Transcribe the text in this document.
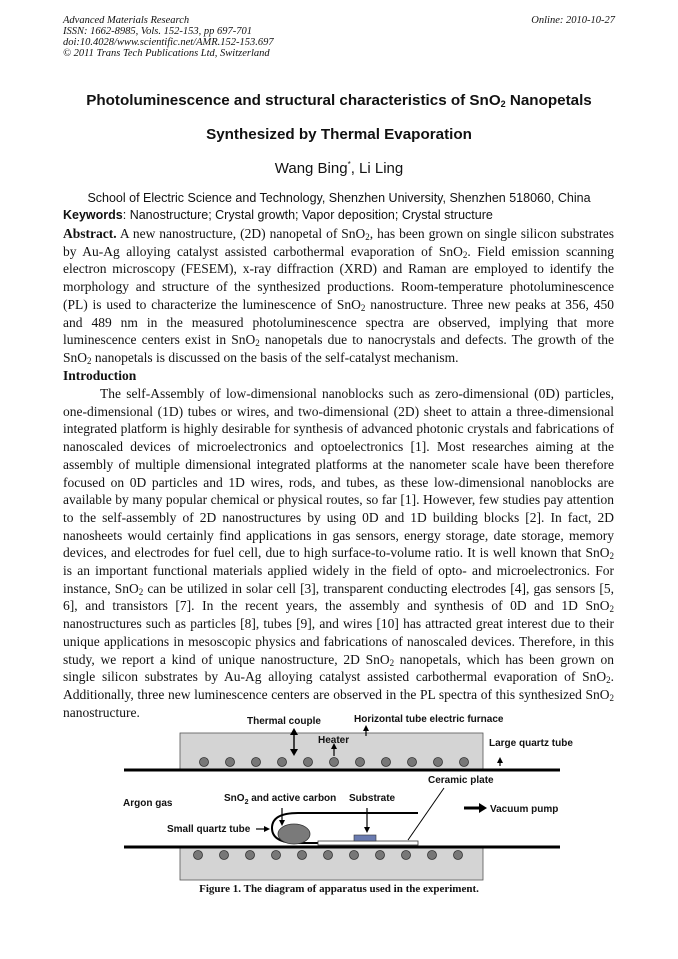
Advanced Materials Research
ISSN: 1662-8985, Vols. 152-153, pp 697-701
doi:10.4028/www.scientific.net/AMR.152-153.697
© 2011 Trans Tech Publications Ltd, Switzerland
Online: 2010-10-27
Photoluminescence and structural characteristics of SnO$_2$ Nanopetals
Synthesized by Thermal Evaporation
Wang Bing*, Li Ling
School of Electric Science and Technology, Shenzhen University, Shenzhen 518060, China
Keywords: Nanostructure; Crystal growth; Vapor deposition; Crystal structure
Abstract. A new nanostructure, (2D) nanopetal of SnO$_2$, has been grown on single silicon substrates by Au-Ag alloying catalyst assisted carbothermal evaporation of SnO$_2$. Field emission scanning electron microscopy (FESEM), x-ray diffraction (XRD) and Raman are employed to identify the morphology and structure of the synthesized productions. Room-temperature photoluminescence (PL) is used to characterize the luminescence of SnO$_2$ nanostructure. Three new peaks at 356, 450 and 489 nm in the measured photoluminescence spectra are observed, implying that more luminescence centers exist in SnO$_2$ nanopetals due to nanocrystals and defects. The growth of the SnO$_2$ nanopetals is discussed on the basis of the self-catalyst mechanism.
Introduction
The self-Assembly of low-dimensional nanoblocks such as zero-dimensional (0D) particles, one-dimensional (1D) tubes or wires, and two-dimensional (2D) sheet to attain a three-dimensional integrated platform is highly desirable for synthesis of advanced photonic crystals and fabrications of nanoscaled devices of microelectronics and optoelectronics [1]. Most researches aiming at the assembly of multiple dimensional integrated platforms at the nanometer scale have been therefore focused on 0D particles and 1D wires, rods, and tubes, as these low-dimensional nanoblocks are available by many popular chemical or physical routes, so far [1]. However, few studies pay attention to the self-assembly of 2D nanostructures by using 0D and 1D building blocks [2]. In fact, 2D nanosheets would certainly find applications in gas sensors, energy storage, date storage, memory devices, and electrodes for fuel cell, due to high surface-to-volume ratio. It is well known that SnO$_2$ is an important functional materials applied widely in the field of opto- and microelectronics. For instance, SnO$_2$ can be utilized in solar cell [3], transparent conducting electrodes [4], gas sensors [5, 6], and transistors [7]. In the recent years, the assembly and synthesis of 0D and 1D SnO$_2$ nanostructures such as particles [8], tubes [9], and wires [10] has attracted great interest due to their unique applications in mesoscopic physics and fabrications of nanoscaled devices. Therefore, in this study, we report a kind of unique nanostructure, 2D SnO$_2$ nanopetals, which has been grown on single silicon substrates by Au-Ag alloying catalyst assisted carbothermal evaporation of SnO$_2$. Additionally, three new luminescence centers are observed in the PL spectra of this synthesized SnO$_2$ nanostructure.
Thermal couple	Horizontal tube electric furnace
Heater	Large quartz tube
Ceramic plate
Argon gas	SnO$_2$ and active carbon Substrate
Vacuum pump
Small quartz tube
Figure 1. The diagram of apparatus used in the experiment.
